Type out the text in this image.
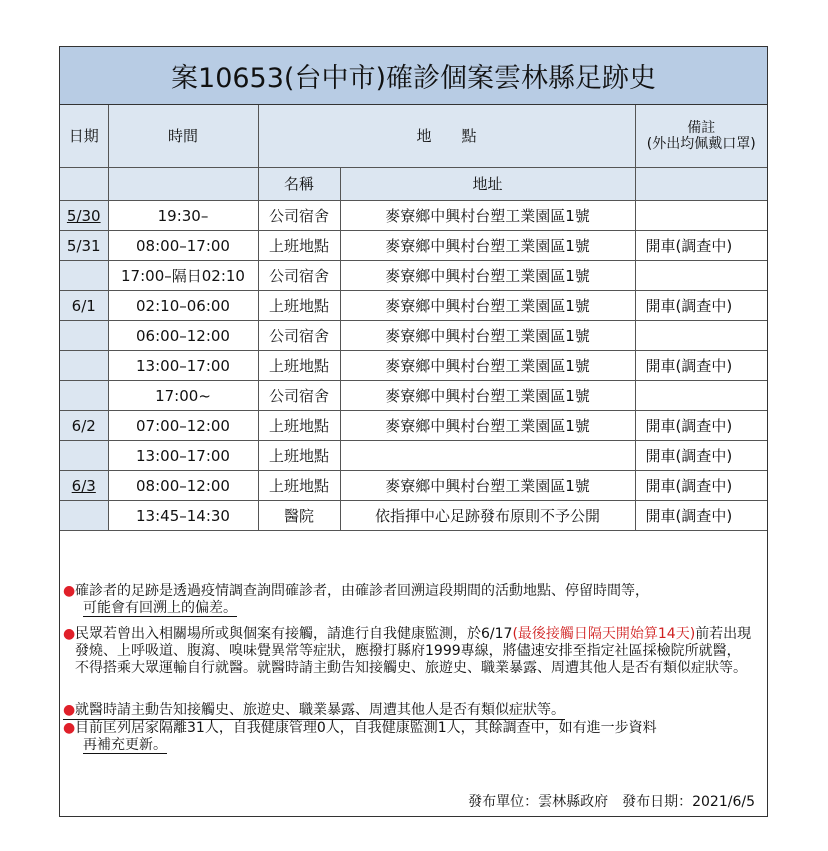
案10653(台中市)確診個案雲林縣足跡史
日期	時間	地　　點		備註
(外出均佩戴口罩)
		名稱	地址	
5/30	19:30–	公司宿舍	麥寮鄉中興村台塑工業園區1號	
5/31	08:00–17:00	上班地點	麥寮鄉中興村台塑工業園區1號	開車(調查中)
	17:00–隔日02:10	公司宿舍	麥寮鄉中興村台塑工業園區1號	
6/1	02:10–06:00	上班地點	麥寮鄉中興村台塑工業園區1號	開車(調查中)
	06:00–12:00	公司宿舍	麥寮鄉中興村台塑工業園區1號	
	13:00–17:00	上班地點	麥寮鄉中興村台塑工業園區1號	開車(調查中)
	17:00~	公司宿舍	麥寮鄉中興村台塑工業園區1號	
6/2	07:00–12:00	上班地點	麥寮鄉中興村台塑工業園區1號	開車(調查中)
	13:00–17:00	上班地點		開車(調查中)
6/3	08:00–12:00	上班地點	麥寮鄉中興村台塑工業園區1號	開車(調查中)
	13:45–14:30	醫院	依指揮中心足跡發布原則不予公開	開車(調查中)
● 確診者的足跡是透過疫情調查詢問確診者，由確診者回溯這段期間的活動地點、停留時間等，
可能會有回溯上的偏差。
● 民眾若曾出入相關場所或與個案有接觸，請進行自我健康監測，於6/17(最後接觸日隔天開始算14天)前若出現發燒、上呼吸道、腹瀉、嗅味覺異常等症狀，應撥打縣府1999專線，將儘速安排至指定社區採檢院所就醫，不得搭乘大眾運輸自行就醫。就醫時請主動告知接觸史、旅遊史、職業暴露、周遭其他人是否有類似症狀等。
● 就醫時請主動告知接觸史、旅遊史、職業暴露、周遭其他人是否有類似症狀等。
● 目前匡列居家隔離31人，自我健康管理0人，自我健康監測1人，其餘調查中，如有進一步資料
再補充更新。
發布單位：雲林縣政府　發布日期：2021/6/5
